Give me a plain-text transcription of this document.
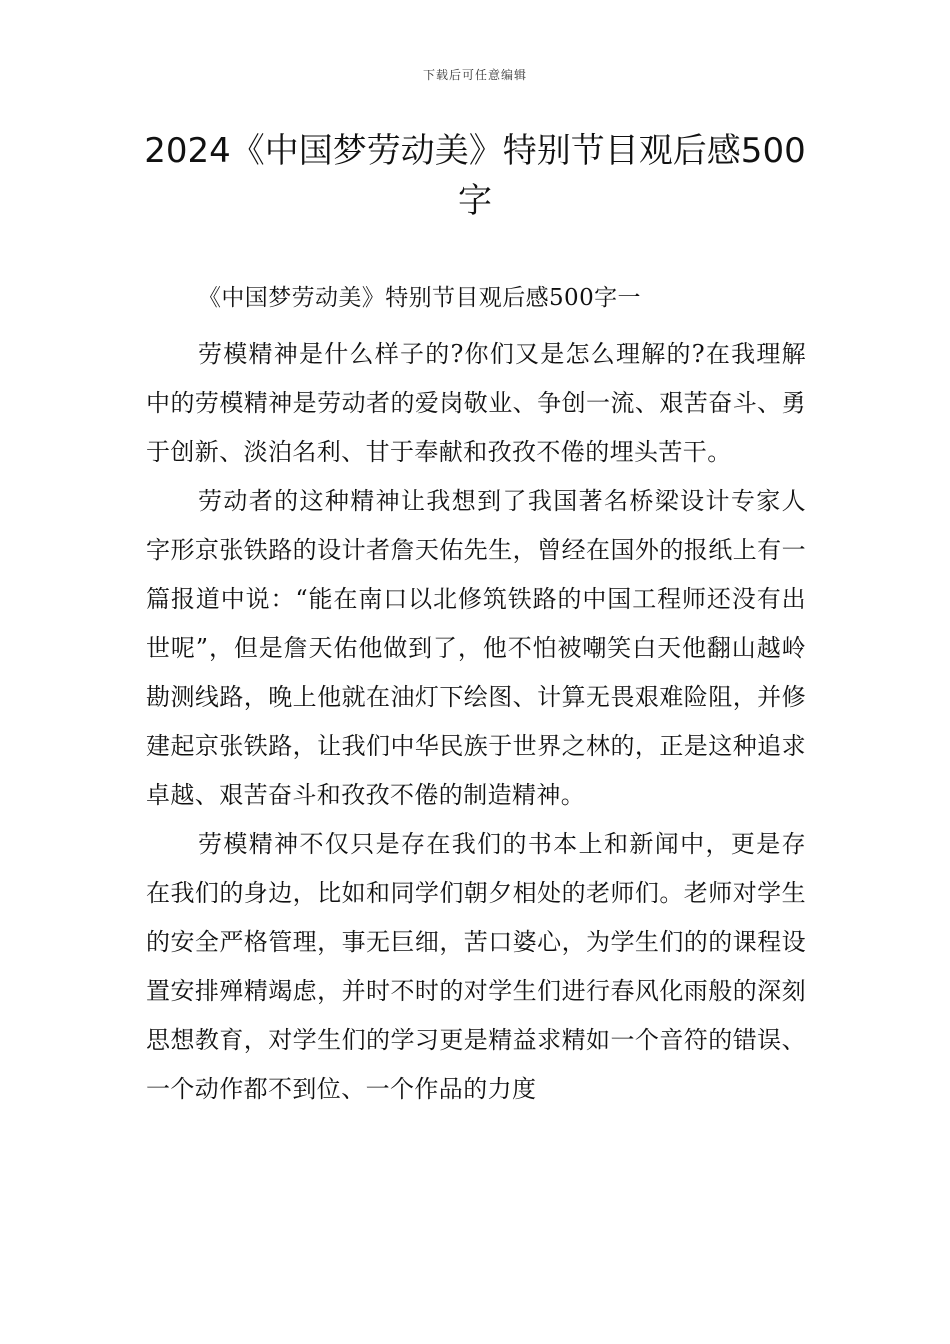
下载后可任意编辑
2024《中国梦劳动美》特别节目观后感500字
《中国梦劳动美》特别节目观后感500字一

劳模精神是什么样子的?你们又是怎么理解的?在我理解中的劳模精神是劳动者的爱岗敬业、争创一流、艰苦奋斗、勇于创新、淡泊名利、甘于奉献和孜孜不倦的埋头苦干。

劳动者的这种精神让我想到了我国著名桥梁设计专家人字形京张铁路的设计者詹天佑先生，曾经在国外的报纸上有一篇报道中说：“能在南口以北修筑铁路的中国工程师还没有出世呢”，但是詹天佑他做到了，他不怕被嘲笑白天他翻山越岭勘测线路，晚上他就在油灯下绘图、计算无畏艰难险阻，并修建起京张铁路，让我们中华民族于世界之林的，正是这种追求卓越、艰苦奋斗和孜孜不倦的制造精神。

劳模精神不仅只是存在我们的书本上和新闻中，更是存在我们的身边，比如和同学们朝夕相处的老师们。老师对学生的安全严格管理，事无巨细，苦口婆心，为学生们的的课程设置安排殚精竭虑，并时不时的对学生们进行春风化雨般的深刻思想教育，对学生们的学习更是精益求精如一个音符的错误、一个动作都不到位、一个作品的力度
